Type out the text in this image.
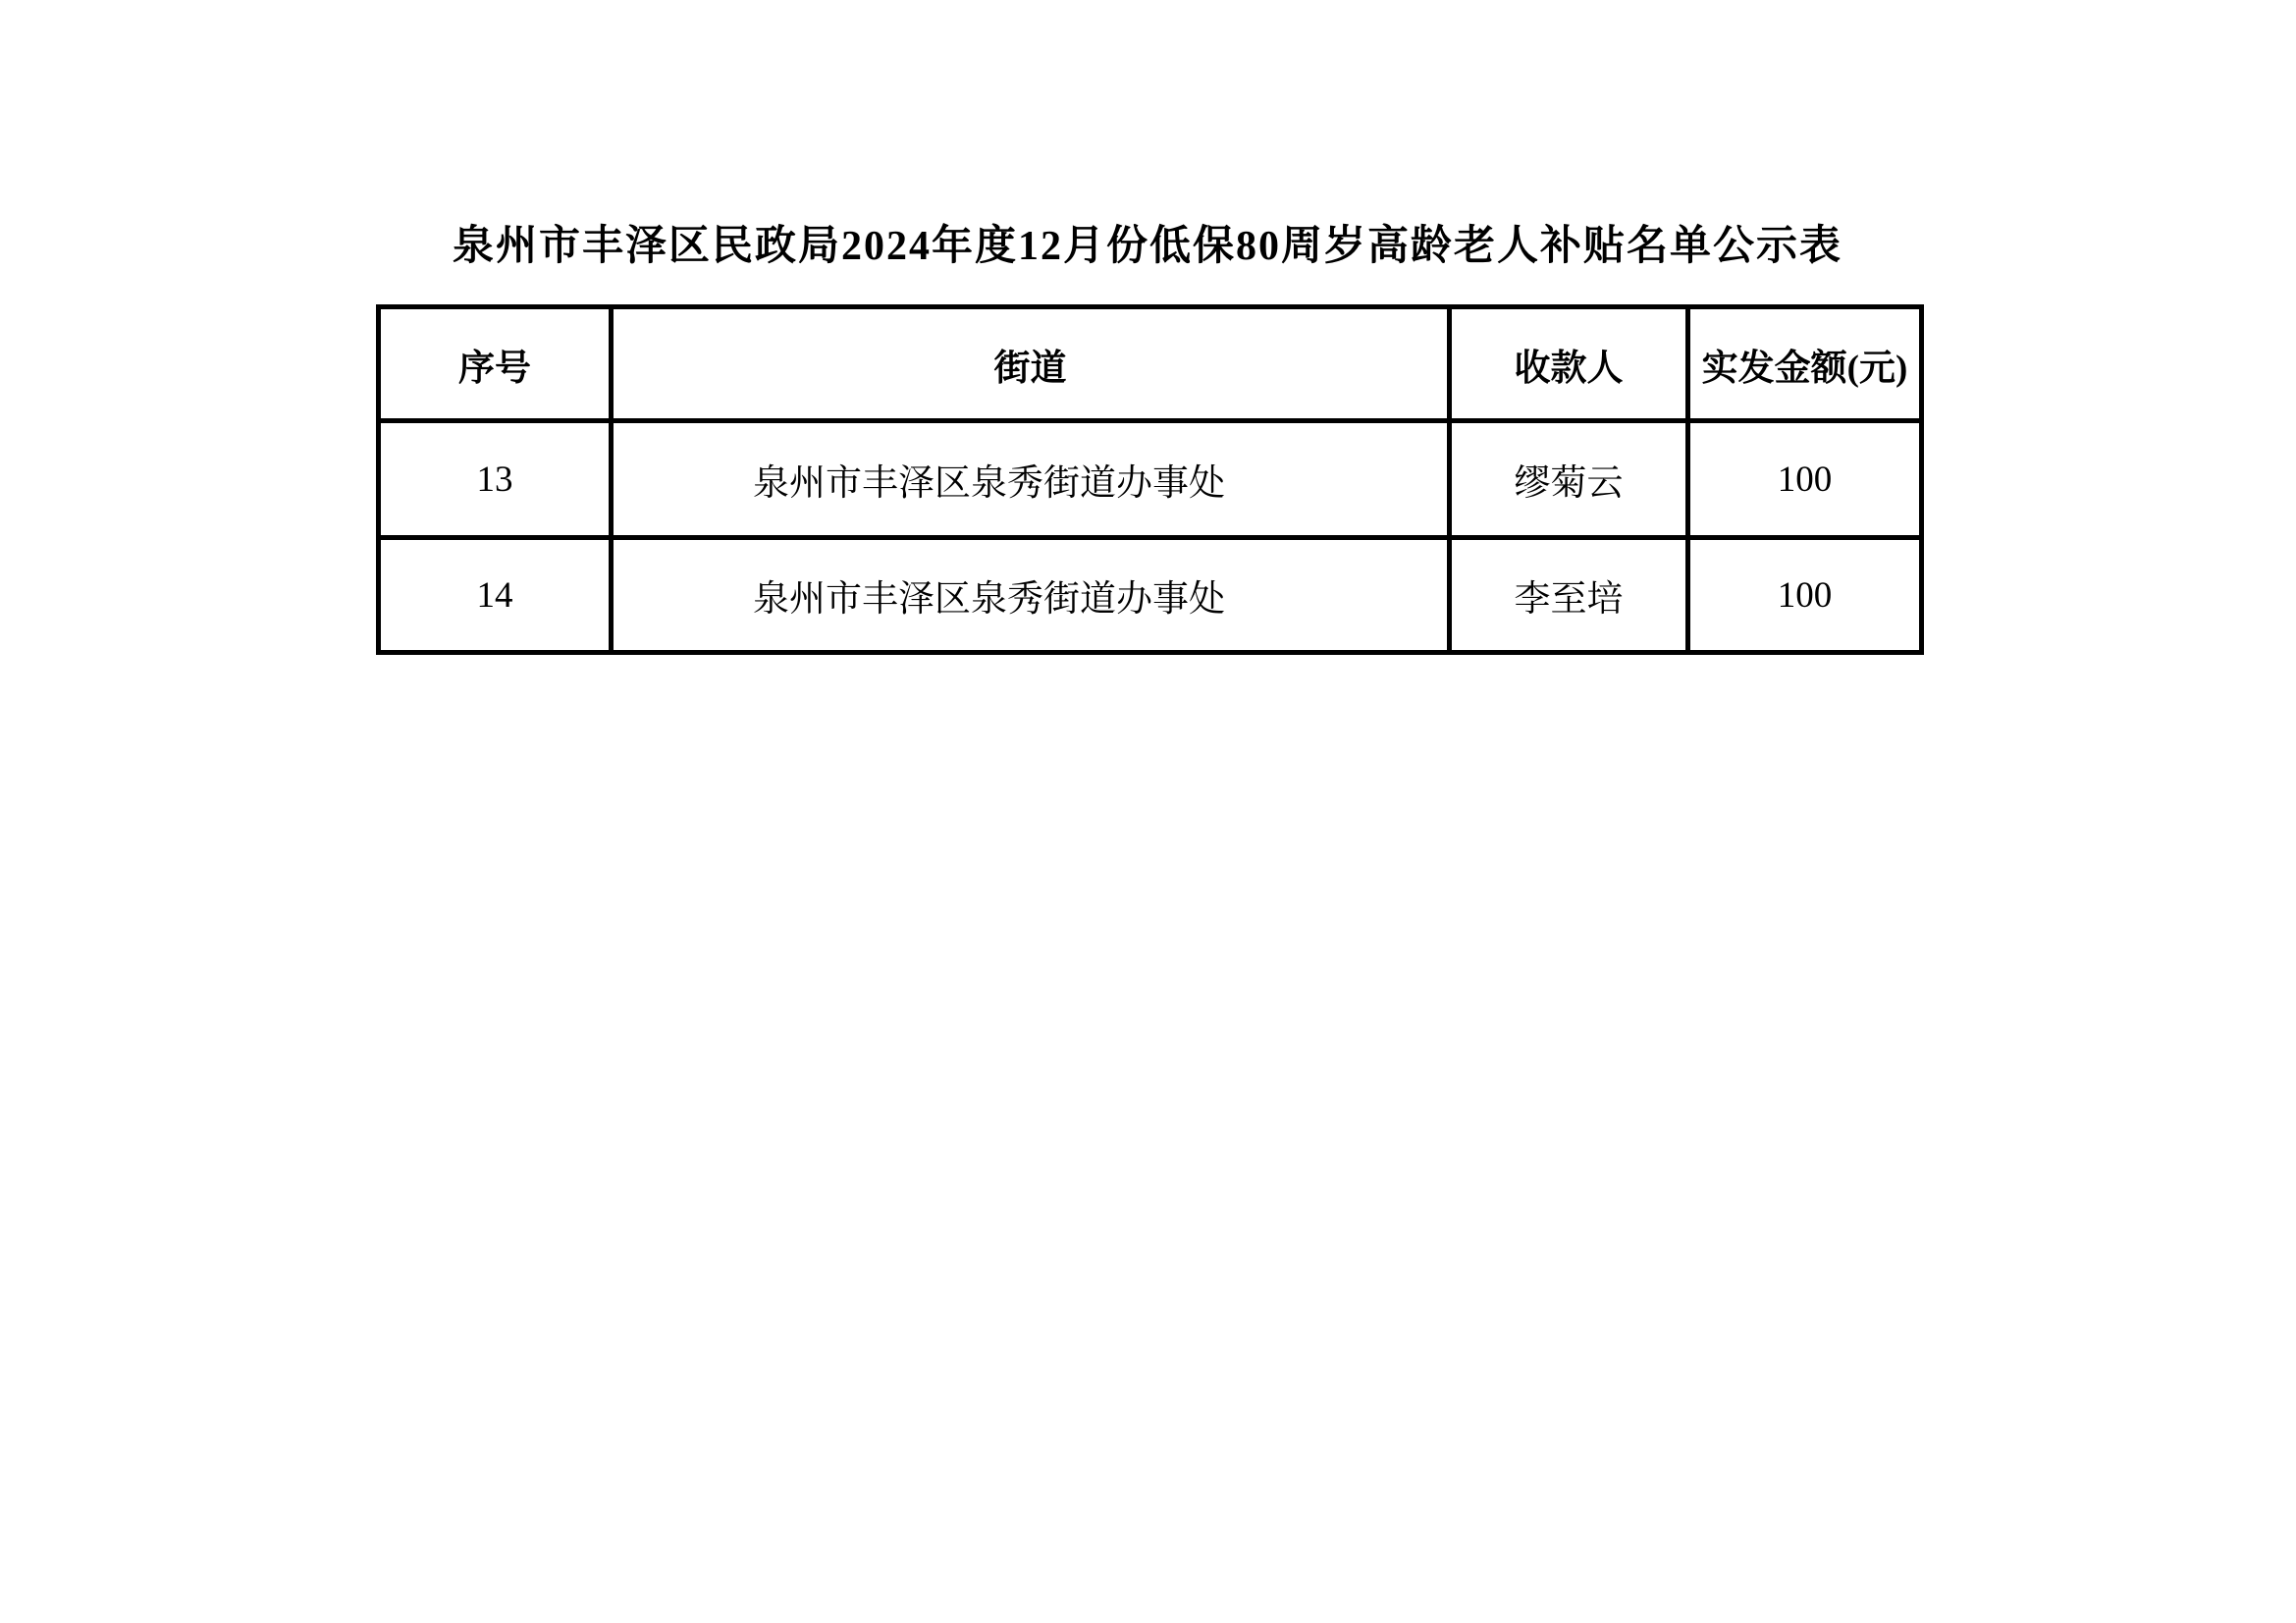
泉州市丰泽区民政局2024年度12月份低保80周岁高龄老人补贴名单公示表
序号	街道	收款人	实发金额(元)
13	泉州市丰泽区泉秀街道办事处	缪菊云	100
14	泉州市丰泽区泉秀街道办事处	李至培	100
